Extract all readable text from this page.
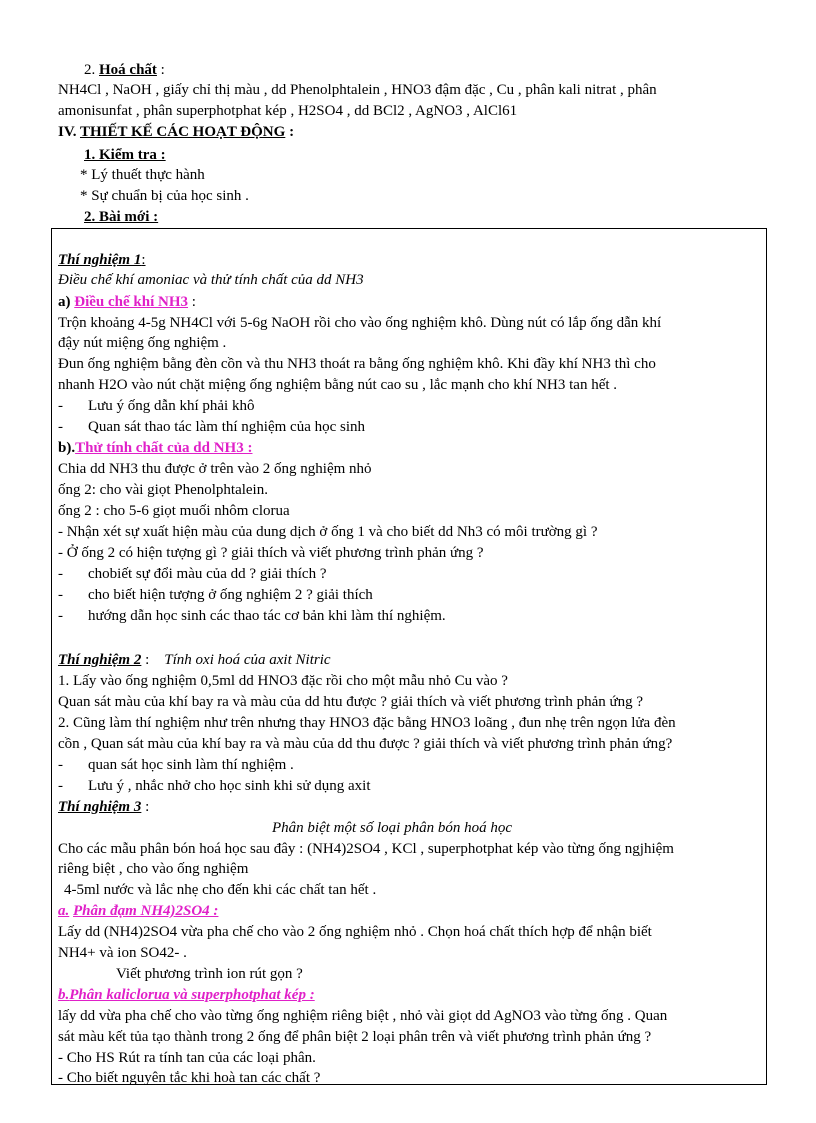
2. Hoá chất :
NH4Cl , NaOH , giấy chỉ thị màu , dd Phenolphtalein , HNO3 đậm đặc , Cu , phân kali nitrat , phân
amonisunfat , phân superphotphat kép , H2SO4 , dd BCl2 , AgNO3 , AlCl61
IV. THIẾT KẾ CÁC HOẠT ĐỘNG :
1. Kiểm tra :
* Lý thuết thực hành
* Sự chuẩn bị của học sinh .
2. Bài mới :
Thí nghiệm 1:
Điều chế khí amoniac và thử tính chất của dd NH3
a) Điều chế khí NH3 :
Trộn khoảng 4-5g NH4Cl với 5-6g NaOH rồi cho vào ống nghiệm khô. Dùng nút có lắp ống dẫn khí
đậy nút miệng ống nghiệm .
Đun ống nghiệm bằng đèn cồn và thu NH3 thoát ra bằng ống nghiệm khô. Khi đầy khí NH3 thì cho
nhanh H2O vào nút chặt miệng ống nghiệm bằng nút cao su , lắc mạnh cho khí NH3 tan hết .
- Lưu ý ống dẫn khí phải khô
- Quan sát thao tác làm thí nghiệm của học sinh
b).Thử tính chất của dd NH3 :
Chia dd NH3 thu được ở trên vào 2 ống nghiệm nhỏ
ống 2: cho vài giọt Phenolphtalein.
ống 2 : cho 5-6 giọt muối nhôm clorua
- Nhận xét sự xuất hiện màu của dung dịch ở ống 1 và cho biết dd Nh3 có môi trường gì ?
- Ở ống 2 có hiện tượng gì ? giải thích và viết phương trình phản ứng ?
- chobiết sự đổi màu của dd ? giải thích ?
- cho biết hiện tượng ở ống nghiệm 2 ? giải thích
- hướng dẫn học sinh các thao tác cơ bản khi làm thí nghiệm.
Thí nghiệm 2 :    Tính oxi hoá của axit Nitric
1. Lấy vào ống nghiệm 0,5ml dd HNO3 đặc rồi cho một mẫu nhỏ Cu vào ?
Quan sát màu của khí bay ra và màu của dd htu được ? giải thích và viết phương trình phản ứng ?
2. Cũng làm thí nghiệm như trên nhưng thay HNO3 đặc bằng HNO3 loãng , đun nhẹ trên ngọn lửa đèn
cồn , Quan sát màu của khí bay ra và màu của dd thu được ? giải thích và viết phương trình phản ứng?
- quan sát học sinh làm thí nghiệm .
- Lưu ý , nhắc nhở cho học sinh khi sử dụng axit
Thí nghiệm 3 :
Phân biệt một số loại phân bón hoá học
Cho các mẫu phân bón hoá học sau đây : (NH4)2SO4 , KCl , superphotphat kép vào từng ống ngjhiệm
riêng biệt , cho vào ống nghiệm
4-5ml nước và lắc nhẹ cho đến khi các chất tan hết .
a. Phân đạm NH4)2SO4 :
Lấy dd (NH4)2SO4 vừa pha chế cho vào 2 ống nghiệm nhỏ . Chọn hoá chất thích hợp để nhận biết
NH4+ và ion SO42- .
Viết phương trình ion rút gọn ?
b.Phân kaliclorua và superphotphat kép :
lấy dd vừa pha chế cho vào từng ống nghiệm riêng biệt , nhỏ vài giọt dd AgNO3 vào từng ống . Quan
sát màu kết tủa tạo thành trong 2 ống để phân biệt 2 loại phân trên và viết phương trình phản ứng ?
- Cho HS Rút ra tính tan của các loại phân.
- Cho biết nguyên tắc khi hoà tan các chất ?
